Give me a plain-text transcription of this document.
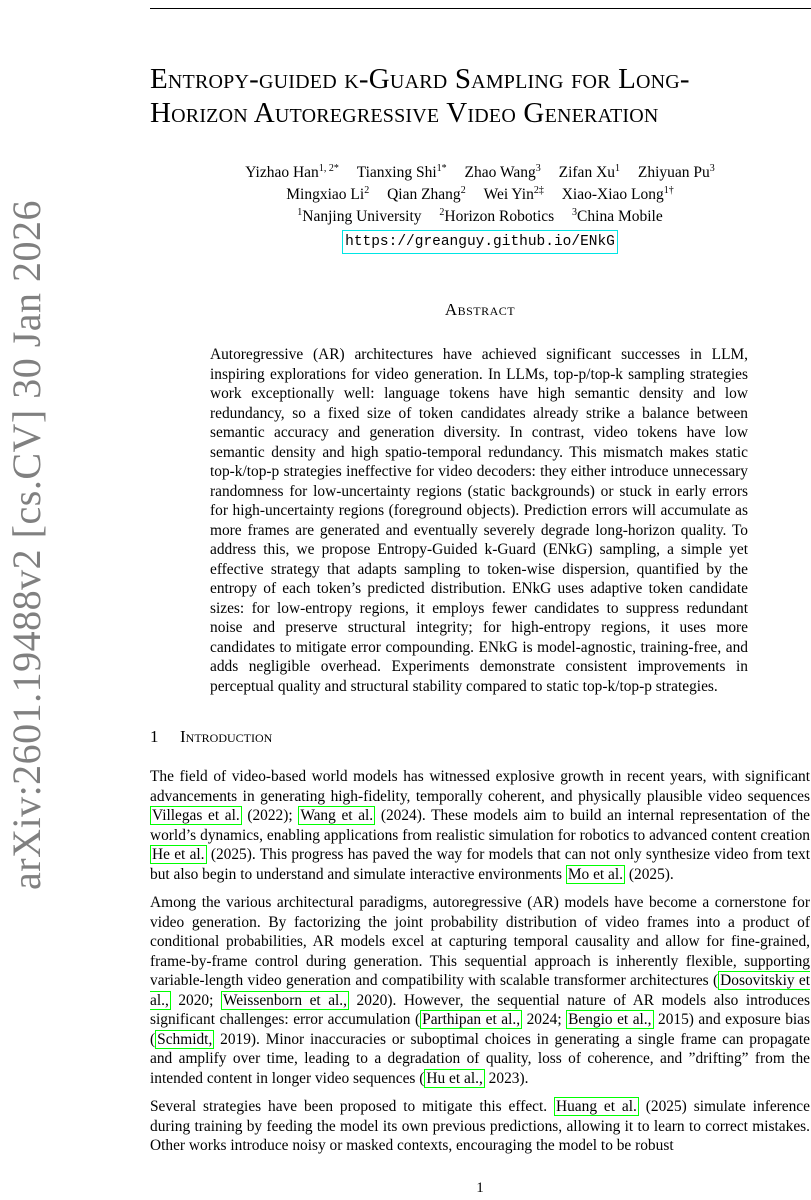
arXiv:2601.19488v2 [cs.CV] 30 Jan 2026
Entropy-guided k-Guard Sampling for Long-
Horizon Autoregressive Video Generation
Yizhao Han$^{1, 2*}$ Tianxing Shi$^{1*}$ Zhao Wang$^3$ Zifan Xu$^1$ Zhiyuan Pu$^3$
Mingxiao Li$^2$ Qian Zhang$^2$ Wei Yin$^{2\ddagger}$ Xiao-Xiao Long$^{1\dagger}$
$^1$Nanjing University $^2$Horizon Robotics $^3$China Mobile
https://greanguy.github.io/ENkG
Abstract
Autoregressive (AR) architectures have achieved significant successes in LLM, inspiring explorations for video generation. In LLMs, top-p/top-k sampling strategies work exceptionally well: language tokens have high semantic density and low redundancy, so a fixed size of token candidates already strike a balance between semantic accuracy and generation diversity. In contrast, video tokens have low semantic density and high spatio-temporal redundancy. This mismatch makes static top-k/top-p strategies ineffective for video decoders: they either introduce unnecessary randomness for low-uncertainty regions (static backgrounds) or stuck in early errors for high-uncertainty regions (foreground objects). Prediction errors will accumulate as more frames are generated and eventually severely degrade long-horizon quality. To address this, we propose Entropy-Guided k-Guard (ENkG) sampling, a simple yet effective strategy that adapts sampling to token-wise dispersion, quantified by the entropy of each token’s predicted distribution. ENkG uses adaptive token candidate sizes: for low-entropy regions, it employs fewer candidates to suppress redundant noise and preserve structural integrity; for high-entropy regions, it uses more candidates to mitigate error compounding. ENkG is model-agnostic, training-free, and adds negligible overhead. Experiments demonstrate consistent improvements in perceptual quality and structural stability compared to static top-k/top-p strategies.
1 Introduction

The field of video-based world models has witnessed explosive growth in recent years, with significant advancements in generating high-fidelity, temporally coherent, and physically plausible video sequences Villegas et al. (2022); Wang et al. (2024). These models aim to build an internal representation of the world’s dynamics, enabling applications from realistic simulation for robotics to advanced content creation He et al. (2025). This progress has paved the way for models that can not only synthesize video from text but also begin to understand and simulate interactive environments Mo et al. (2025).

Among the various architectural paradigms, autoregressive (AR) models have become a cornerstone for video generation. By factorizing the joint probability distribution of video frames into a product of conditional probabilities, AR models excel at capturing temporal causality and allow for fine-grained, frame-by-frame control during generation. This sequential approach is inherently flexible, supporting variable-length video generation and compatibility with scalable transformer architectures ( Dosovitskiy et al., 2020; Weissenborn et al., 2020). However, the sequential nature of AR models also introduces significant challenges: error accumulation ( Parthipan et al., 2024; Bengio et al., 2015) and exposure bias ( Schmidt, 2019). Minor inaccuracies or suboptimal choices in generating a single frame can propagate and amplify over time, leading to a degradation of quality, loss of coherence, and ”drifting” from the intended content in longer video sequences ( Hu et al., 2023).

Several strategies have been proposed to mitigate this effect. Huang et al. (2025) simulate inference during training by feeding the model its own previous predictions, allowing it to learn to correct mistakes. Other works introduce noisy or masked contexts, encouraging the model to be robust

1
